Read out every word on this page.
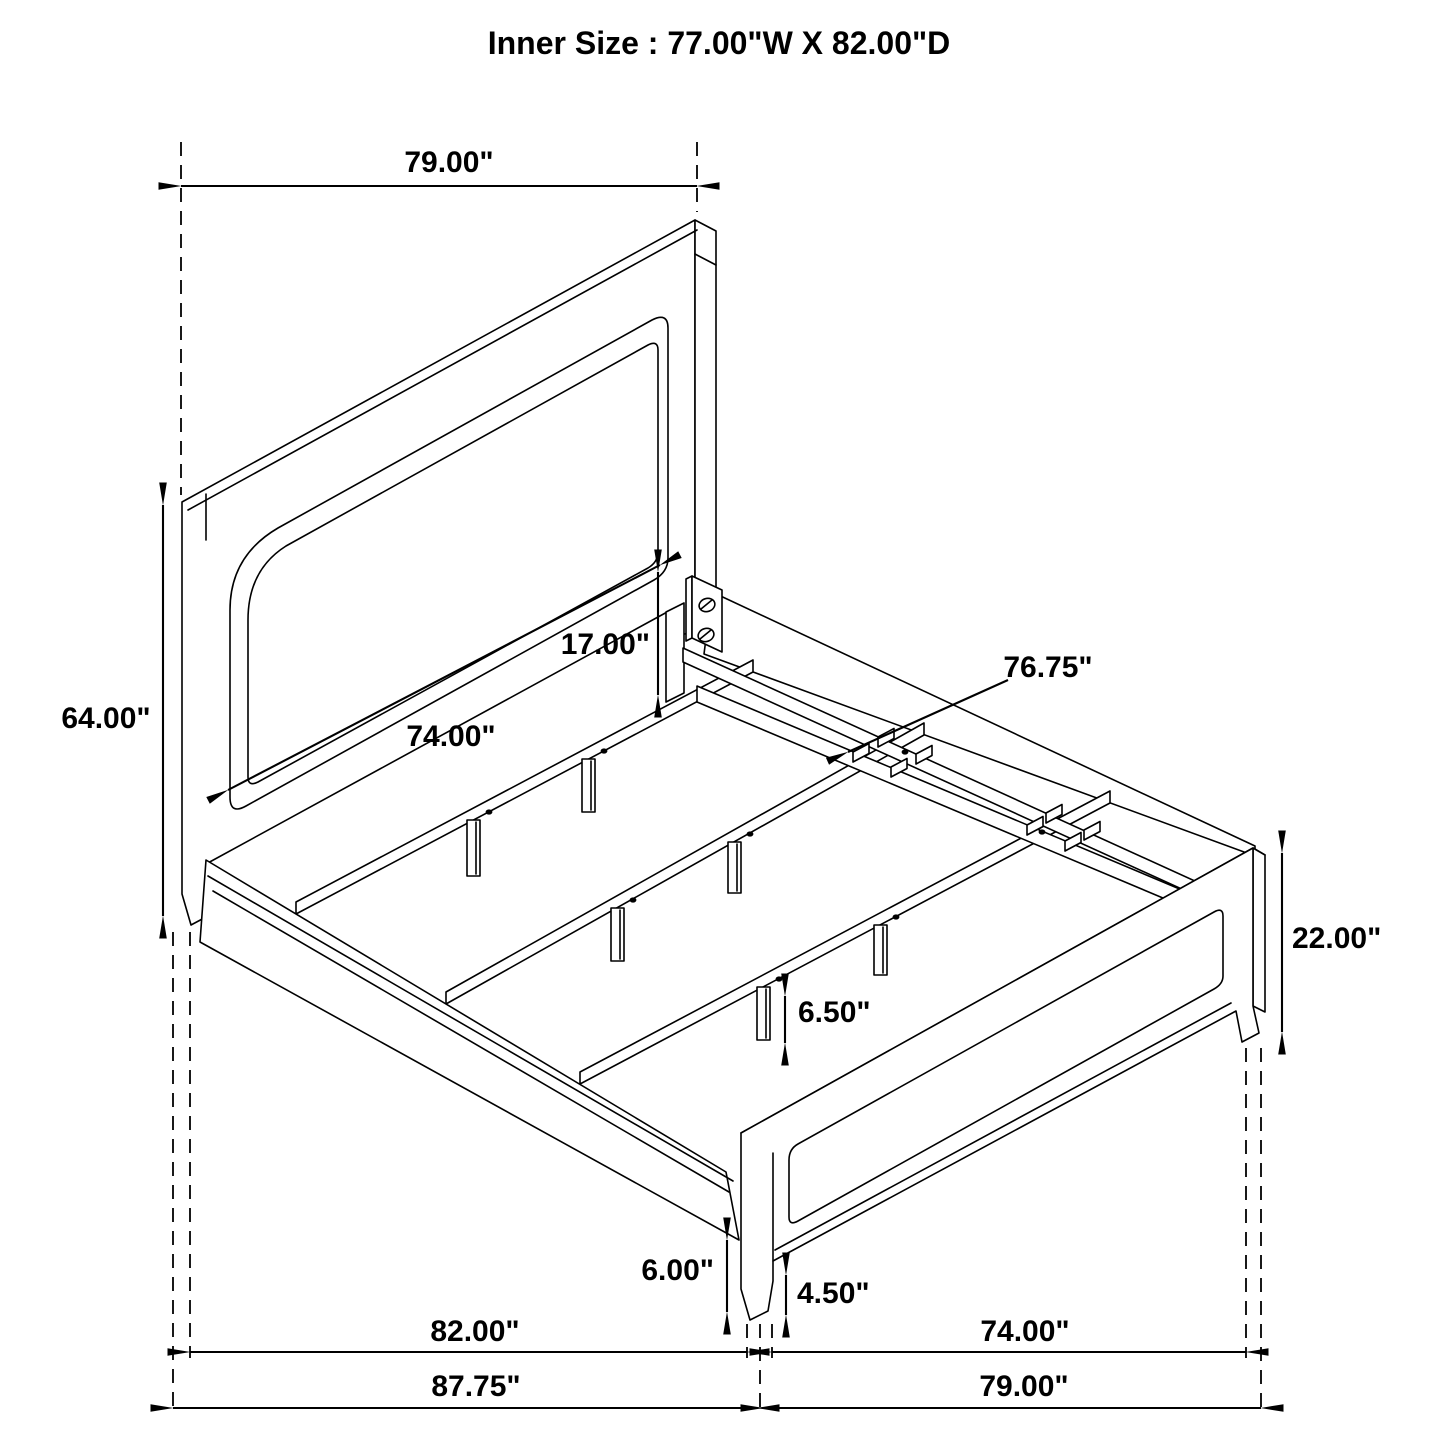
79.00"
64.00"
17.00"
74.00"
76.75"
22.00"
6.50"
6.00"
4.50"
82.00"
87.75"
74.00"
79.00"
Inner Size : 77.00"W X 82.00"D
